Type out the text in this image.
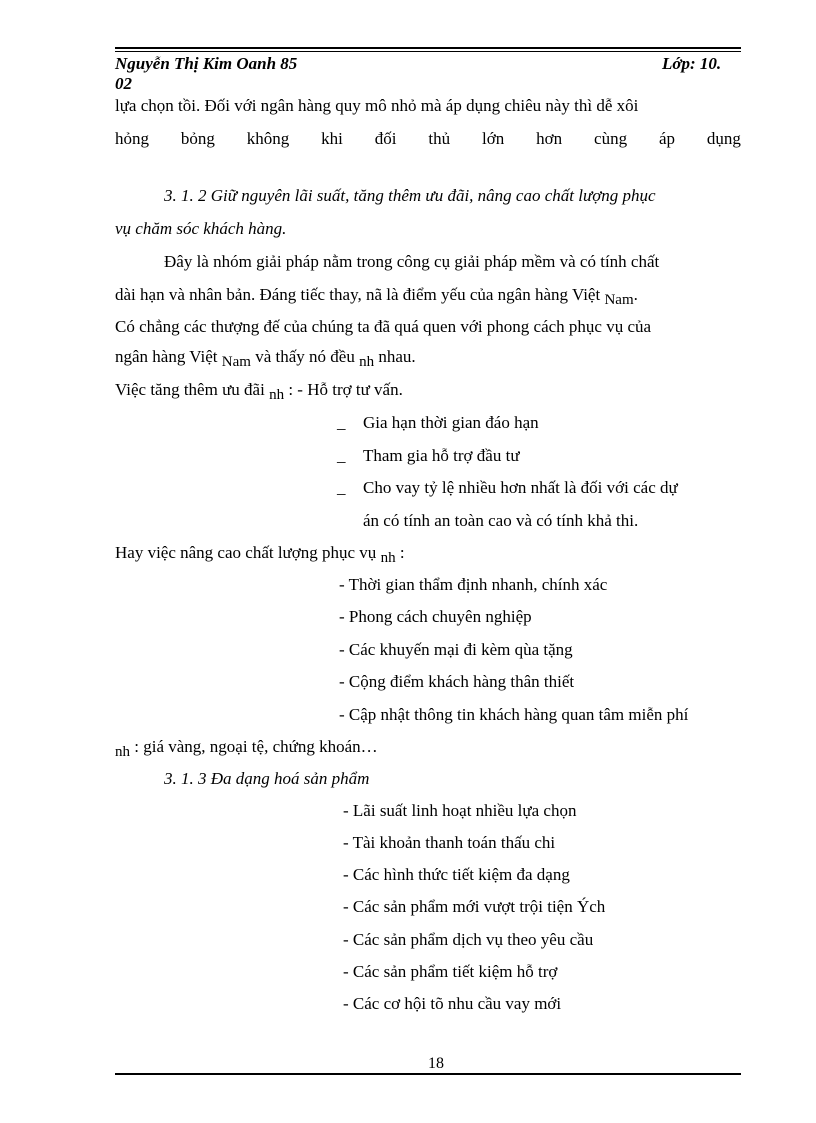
Nguyễn Thị Kim Oanh 85
02
Lớp: 10.
lựa chọn tồi. Đối với ngân hàng quy mô nhỏ mà áp dụng chiêu này thì dễ xôi
hỏng bỏng không khi đối thủ lớn hơn cùng áp dụng
3. 1. 2 Giữ nguyên lãi suất, tăng thêm ưu đãi, nâng cao chất lượng phục
vụ chăm sóc khách hàng.
Đây là nhóm giải pháp nằm trong công cụ giải pháp mềm và có tính chất
dài hạn và nhân bản. Đáng tiếc thay, nã là điểm yếu của ngân hàng Việt Nam.
Có chẳng các thượng đế của chúng ta đã quá quen với phong cách phục vụ của
ngân hàng Việt Nam và thấy nó đều nh nhau.
Việc tăng thêm ưu đãi nh : - Hỗ trợ tư vấn.
_ Gia hạn thời gian đáo hạn
_ Tham gia hỗ trợ đầu tư
_ Cho vay tỷ lệ nhiều hơn nhất là đối với các dự
án có tính an toàn cao và có tính khả thi.
Hay việc nâng cao chất lượng phục vụ nh :
- Thời gian thẩm định nhanh, chính xác
- Phong cách chuyên nghiệp
- Các khuyến mại đi kèm qùa tặng
- Cộng điểm khách hàng thân thiết
- Cập nhật thông tin khách hàng quan tâm miễn phí
nh : giá vàng, ngoại tệ, chứng khoán…
3. 1. 3 Đa dạng hoá sản phẩm
- Lãi suất linh hoạt nhiều lựa chọn
- Tài khoản thanh toán thấu chi
- Các hình thức tiết kiệm đa dạng
- Các sản phẩm mới vượt trội tiện Ých
- Các sản phẩm dịch vụ theo yêu cầu
- Các sản phẩm tiết kiệm hỗ trợ
- Các cơ hội tõ nhu cầu vay mới
18
